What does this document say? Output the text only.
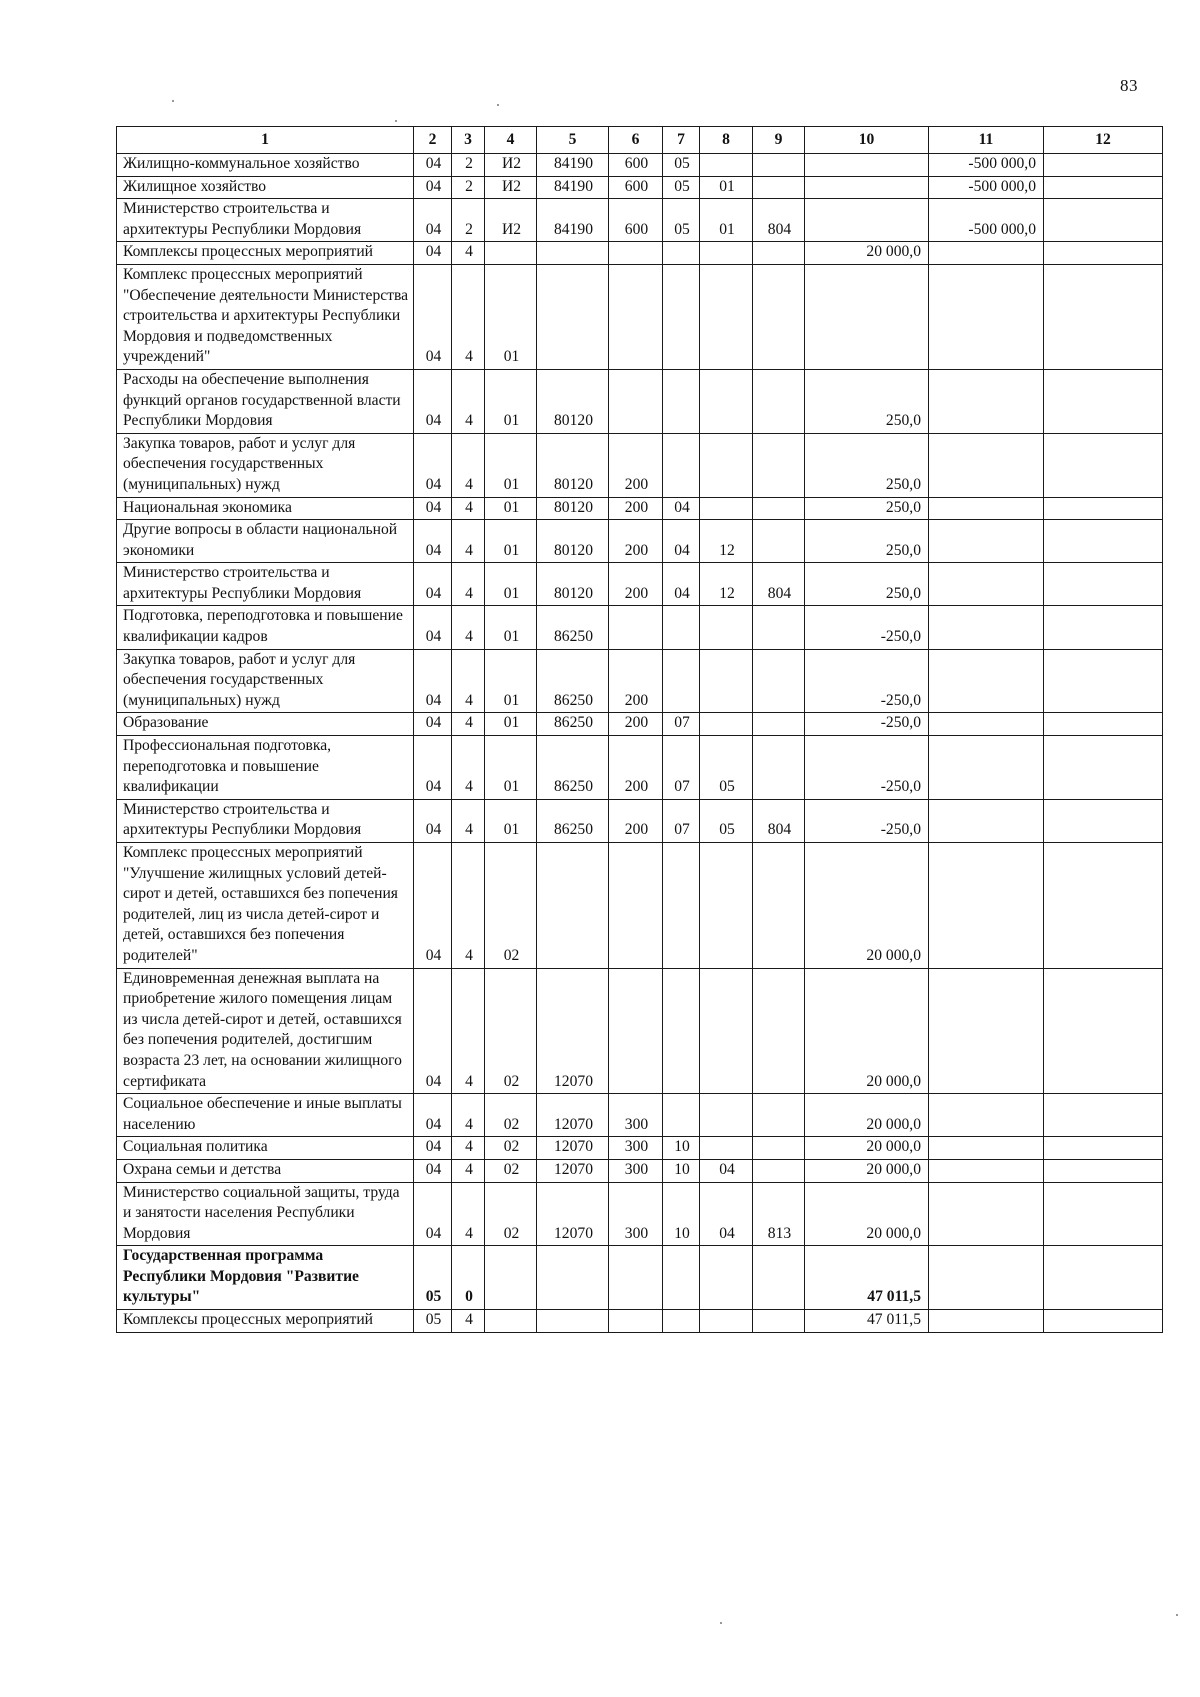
83
1	2	3	4	5	6	7	8	9	10	11	12
Жилищно-коммунальное хозяйство	04	2	И2	84190	600	05				-500 000,0	
Жилищное хозяйство	04	2	И2	84190	600	05	01			-500 000,0	
Министерство строительства и архитектуры Республики Мордовия	04	2	И2	84190	600	05	01	804		-500 000,0	
Комплексы процессных мероприятий	04	4							20 000,0		
Комплекс процессных мероприятий "Обеспечение деятельности Министерства строительства и архитектуры Республики Мордовия и подведомственных учреждений"	04	4	01								
Расходы на обеспечение выполнения функций органов государственной власти Республики Мордовия	04	4	01	80120					250,0		
Закупка товаров, работ и услуг для обеспечения государственных (муниципальных) нужд	04	4	01	80120	200				250,0		
Национальная экономика	04	4	01	80120	200	04			250,0		
Другие вопросы в области национальной экономики	04	4	01	80120	200	04	12		250,0		
Министерство строительства и архитектуры Республики Мордовия	04	4	01	80120	200	04	12	804	250,0		
Подготовка, переподготовка и повышение квалификации кадров	04	4	01	86250					-250,0		
Закупка товаров, работ и услуг для обеспечения государственных (муниципальных) нужд	04	4	01	86250	200				-250,0		
Образование	04	4	01	86250	200	07			-250,0		
Профессиональная подготовка, переподготовка и повышение квалификации	04	4	01	86250	200	07	05		-250,0		
Министерство строительства и архитектуры Республики Мордовия	04	4	01	86250	200	07	05	804	-250,0		
Комплекс процессных мероприятий "Улучшение жилищных условий детей-сирот и детей, оставшихся без попечения родителей, лиц из числа детей-сирот и детей, оставшихся без попечения родителей"	04	4	02						20 000,0		
Единовременная денежная выплата на приобретение жилого помещения лицам из числа детей-сирот и детей, оставшихся без попечения родителей, достигшим возраста 23 лет, на основании жилищного сертификата	04	4	02	12070					20 000,0		
Социальное обеспечение и иные выплаты населению	04	4	02	12070	300				20 000,0		
Социальная политика	04	4	02	12070	300	10			20 000,0		
Охрана семьи и детства	04	4	02	12070	300	10	04		20 000,0		
Министерство социальной защиты, труда и занятости населения Республики Мордовия	04	4	02	12070	300	10	04	813	20 000,0		
Государственная программа Республики Мордовия "Развитие культуры"	05	0							47 011,5		
Комплексы процессных мероприятий	05	4							47 011,5		
